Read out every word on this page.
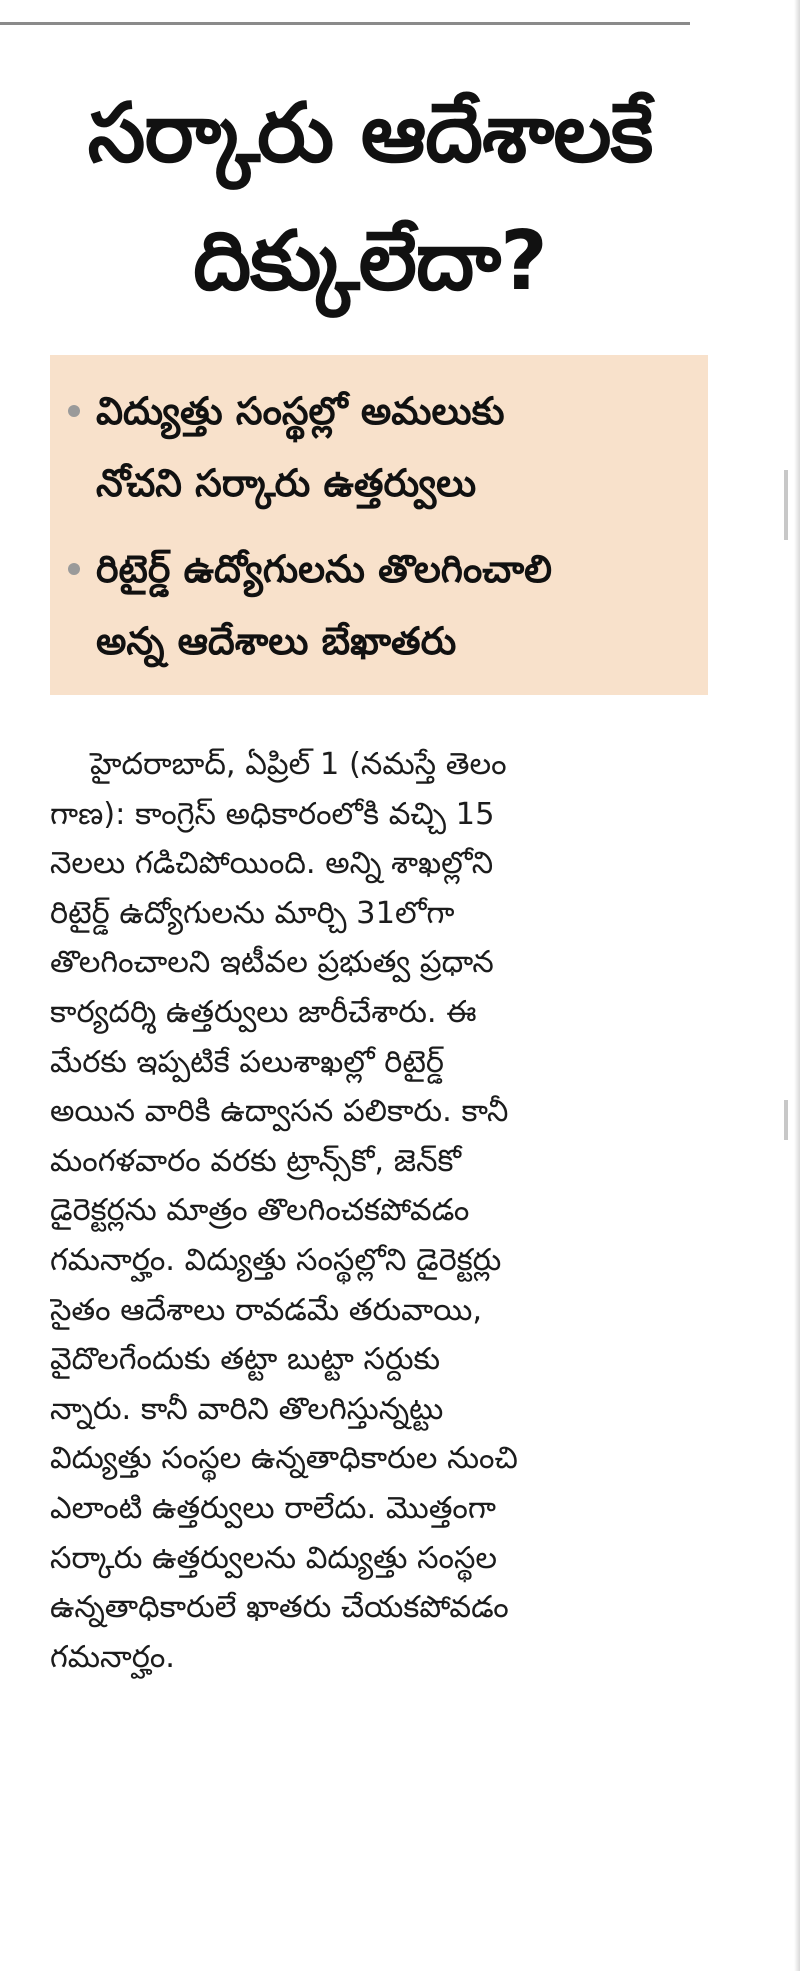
సర్కారు ఆదేశాలకే
దిక్కులేదా?
విద్యుత్తు సంస్థల్లో అమలుకు
నోచని సర్కారు ఉత్తర్వులు
రిటైర్డ్ ఉద్యోగులను తొలగించాలి
అన్న ఆదేశాలు బేఖాతరు
హైదరాబాద్, ఏప్రిల్ 1 (నమస్తే తెలం
గాణ): కాంగ్రెస్ అధికారంలోకి వచ్చి 15
నెలలు గడిచిపోయింది. అన్ని శాఖల్లోని
రిటైర్డ్ ఉద్యోగులను మార్చి 31లోగా
తొలగించాలని ఇటీవల ప్రభుత్వ ప్రధాన
కార్యదర్శి ఉత్తర్వులు జారీచేశారు. ఈ
మేరకు ఇప్పటికే పలుశాఖల్లో రిటైర్డ్
అయిన వారికి ఉద్వాసన పలికారు. కానీ
మంగళవారం వరకు ట్రాన్స్‌కో, జెన్‌కో
డైరెక్టర్లను మాత్రం తొలగించకపోవడం
గమనార్హం. విద్యుత్తు సంస్థల్లోని డైరెక్టర్లు
సైతం ఆదేశాలు రావడమే తరువాయి,
వైదొలగేందుకు తట్టా బుట్టా సర్దుకు
న్నారు. కానీ వారిని తొలగిస్తున్నట్టు
విద్యుత్తు సంస్థల ఉన్నతాధికారుల నుంచి
ఎలాంటి ఉత్తర్వులు రాలేదు. మొత్తంగా
సర్కారు ఉత్తర్వులను విద్యుత్తు సంస్థల
ఉన్నతాధికారులే ఖాతరు చేయకపోవడం
గమనార్హం.
